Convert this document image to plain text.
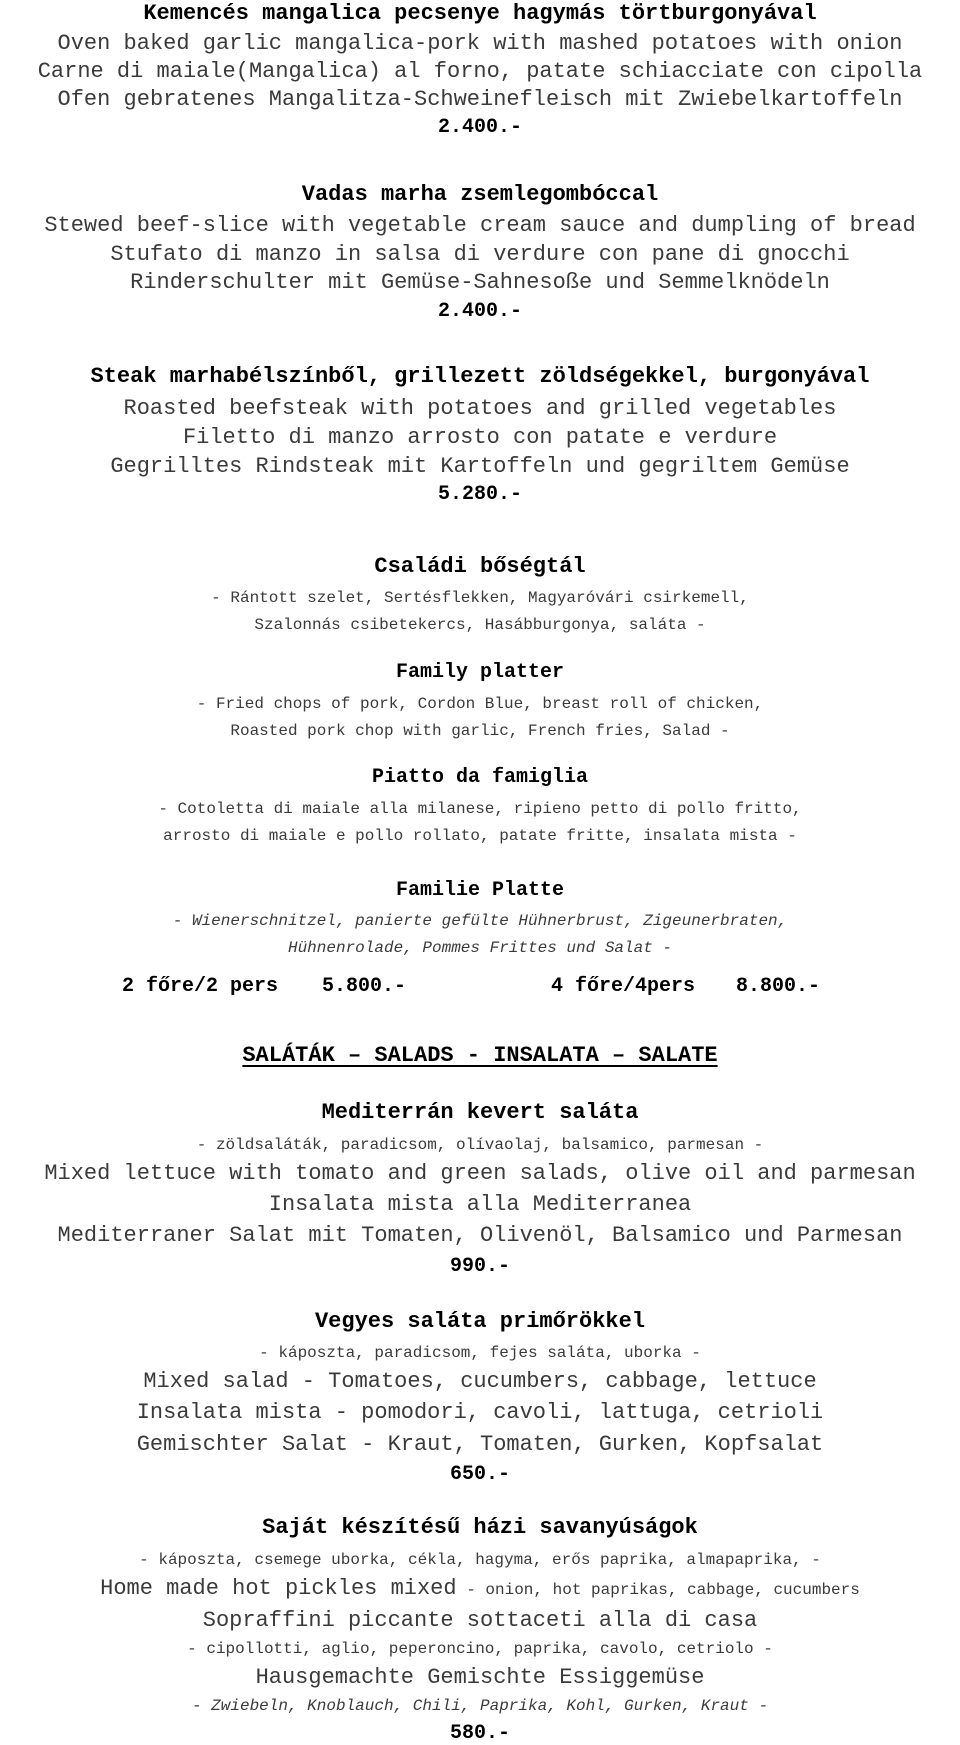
Kemencés mangalica pecsenye hagymás törtburgonyával
Oven baked garlic mangalica-pork with mashed potatoes with onion
Carne di maiale(Mangalica) al forno, patate schiacciate con cipolla
Ofen gebratenes Mangalitza-Schweinefleisch mit Zwiebelkartoffeln
2.400.-
Vadas marha zsemlegombóccal
Stewed beef-slice with vegetable cream sauce and dumpling of bread
Stufato di manzo in salsa di verdure con pane di gnocchi
Rinderschulter mit Gemüse-Sahnesoße und Semmelknödeln
2.400.-
Steak marhabélszínből, grillezett zöldségekkel, burgonyával
Roasted beefsteak with potatoes and grilled vegetables
Filetto di manzo arrosto con patate e verdure
Gegrilltes Rindsteak mit Kartoffeln und gegriltem Gemüse
5.280.-
Családi bőségtál
- Rántott szelet, Sertésflekken, Magyaróvári csirkemell,
Szalonnás csibetekercs, Hasábburgonya, saláta -
Family platter
- Fried chops of pork, Cordon Blue, breast roll of chicken,
Roasted pork chop with garlic, French fries, Salad -
Piatto da famiglia
- Cotoletta di maiale alla milanese, ripieno petto di pollo fritto,
arrosto di maiale e pollo rollato, patate fritte, insalata mista -
Familie Platte
- Wienerschnitzel, panierte gefülte Hühnerbrust, Zigeunerbraten,
Hühnenrolade, Pommes Frittes und Salat -
2 főre/2 pers 5.800.-	4 főre/4pers 8.800.-
SALÁTÁK – SALADS - INSALATA – SALATE
Mediterrán kevert saláta
- zöldsaláták, paradicsom, olívaolaj, balsamico, parmesan -
Mixed lettuce with tomato and green salads, olive oil and parmesan
Insalata mista alla Mediterranea
Mediterraner Salat mit Tomaten, Olivenöl, Balsamico und Parmesan
990.-
Vegyes saláta primőrökkel
- káposzta, paradicsom, fejes saláta, uborka -
Mixed salad - Tomatoes, cucumbers, cabbage, lettuce
Insalata mista - pomodori, cavoli, lattuga, cetrioli
Gemischter Salat - Kraut, Tomaten, Gurken, Kopfsalat
650.-
Saját készítésű házi savanyúságok
- káposzta, csemege uborka, cékla, hagyma, erős paprika, almapaprika, -
Home made hot pickles mixed - onion, hot paprikas, cabbage, cucumbers
Sopraffini piccante sottaceti alla di casa
- cipollotti, aglio, peperoncino, paprika, cavolo, cetriolo -
Hausgemachte Gemischte Essiggemüse
- Zwiebeln, Knoblauch, Chili, Paprika, Kohl, Gurken, Kraut -
580.-
